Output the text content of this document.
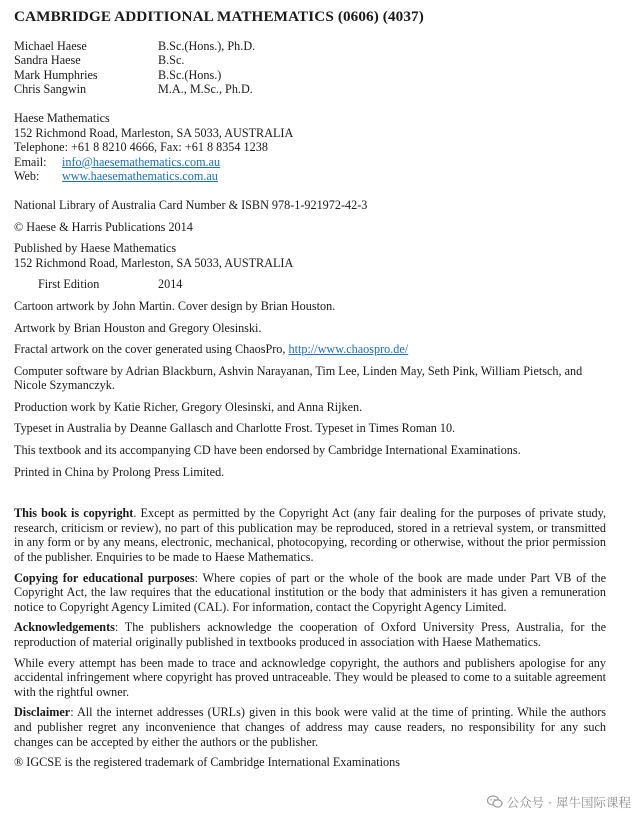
CAMBRIDGE ADDITIONAL MATHEMATICS (0606) (4037)
Michael Haese	B.Sc.(Hons.), Ph.D.
Sandra Haese	B.Sc.
Mark Humphries	B.Sc.(Hons.)
Chris Sangwin	M.A., M.Sc., Ph.D.
Haese Mathematics
152 Richmond Road, Marleston, SA 5033, AUSTRALIA
Telephone: +61 8 8210 4666, Fax: +61 8 8354 1238
Email:	info@haesemathematics.com.au
Web:	www.haesemathematics.com.au
National Library of Australia Card Number & ISBN 978-1-921972-42-3
© Haese & Harris Publications 2014
Published by Haese Mathematics
152 Richmond Road, Marleston, SA 5033, AUSTRALIA
First Edition	2014
Cartoon artwork by John Martin. Cover design by Brian Houston.
Artwork by Brian Houston and Gregory Olesinski.
Fractal artwork on the cover generated using ChaosPro, http://www.chaospro.de/
Computer software by Adrian Blackburn, Ashvin Narayanan, Tim Lee, Linden May, Seth Pink, William Pietsch, and Nicole Szymanczyk.
Production work by Katie Richer, Gregory Olesinski, and Anna Rijken.
Typeset in Australia by Deanne Gallasch and Charlotte Frost. Typeset in Times Roman 10.
This textbook and its accompanying CD have been endorsed by Cambridge International Examinations.
Printed in China by Prolong Press Limited.
This book is copyright. Except as permitted by the Copyright Act (any fair dealing for the purposes of private study, research, criticism or review), no part of this publication may be reproduced, stored in a retrieval system, or transmitted in any form or by any means, electronic, mechanical, photocopying, recording or otherwise, without the prior permission of the publisher. Enquiries to be made to Haese Mathematics.
Copying for educational purposes: Where copies of part or the whole of the book are made under Part VB of the Copyright Act, the law requires that the educational institution or the body that administers it has given a remuneration notice to Copyright Agency Limited (CAL). For information, contact the Copyright Agency Limited.
Acknowledgements: The publishers acknowledge the cooperation of Oxford University Press, Australia, for the reproduction of material originally published in textbooks produced in association with Haese Mathematics.
While every attempt has been made to trace and acknowledge copyright, the authors and publishers apologise for any accidental infringement where copyright has proved untraceable. They would be pleased to come to a suitable agreement with the rightful owner.
Disclaimer: All the internet addresses (URLs) given in this book were valid at the time of printing. While the authors and publisher regret any inconvenience that changes of address may cause readers, no responsibility for any such changes can be accepted by either the authors or the publisher.
® IGCSE is the registered trademark of Cambridge International Examinations
公众号 · 犀牛国际课程
